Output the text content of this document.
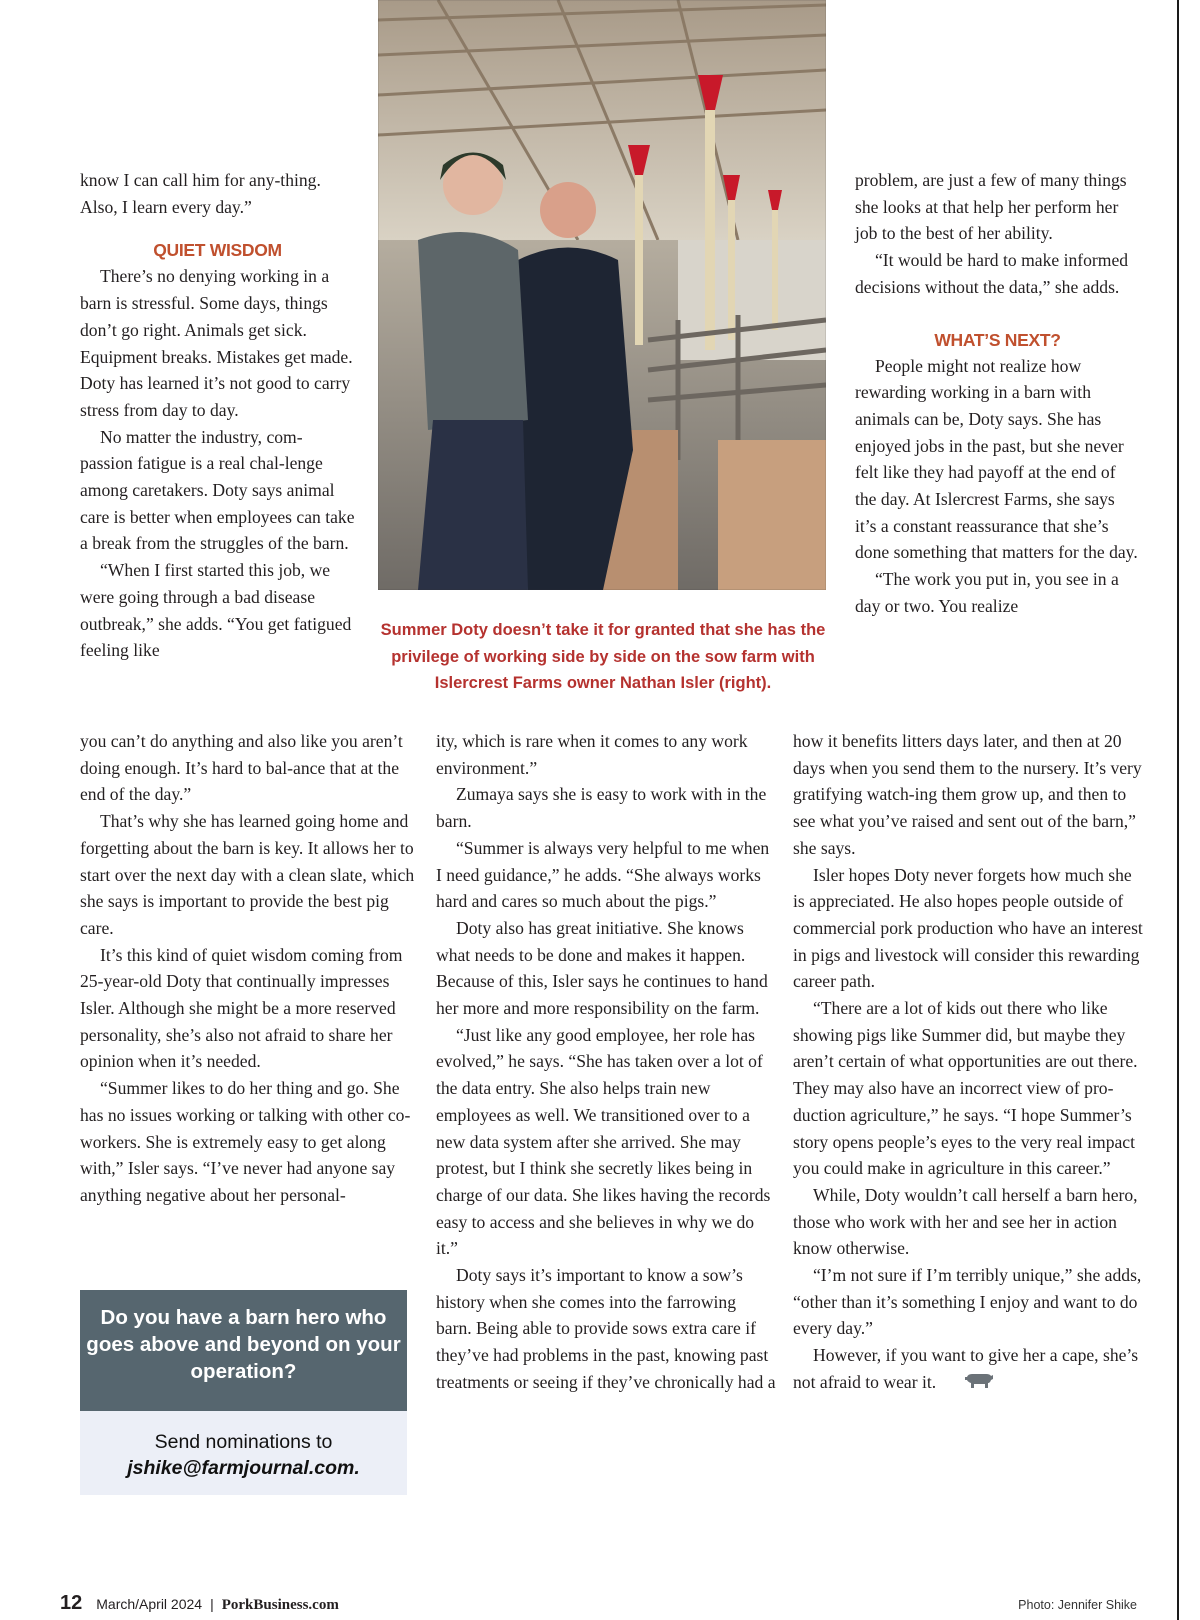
Summer Doty doesn’t take it for granted that she has the privilege of working side by side on the sow farm with Islercrest Farms owner Nathan Isler (right).

know I can call him for any-thing. Also, I learn every day.”

QUIET WISDOM

There’s no denying working in a barn is stressful. Some days, things don’t go right. Animals get sick. Equipment breaks. Mistakes get made. Doty has learned it’s not good to carry stress from day to day.

No matter the industry, com-passion fatigue is a real chal-lenge among caretakers. Doty says animal care is better when employees can take a break from the struggles of the barn.

“When I first started this job, we were going through a bad disease outbreak,” she adds. “You get fatigued feeling like

you can’t do anything and also like you aren’t doing enough. It’s hard to bal-ance that at the end of the day.”

That’s why she has learned going home and forgetting about the barn is key. It allows her to start over the next day with a clean slate, which she says is important to provide the best pig care.

It’s this kind of quiet wisdom coming from 25-year-old Doty that continually impresses Isler. Although she might be a more reserved personality, she’s also not afraid to share her opinion when it’s needed.

“Summer likes to do her thing and go. She has no issues working or talking with other co-workers. She is extremely easy to get along with,” Isler says. “I’ve never had anyone say anything negative about her personal-

Do you have a barn hero who goes above and beyond on your operation?
Send nominations to
jshike@farmjournal.com.

ity, which is rare when it comes to any work environment.”

Zumaya says she is easy to work with in the barn.

“Summer is always very helpful to me when I need guidance,” he adds. “She always works hard and cares so much about the pigs.”

Doty also has great initiative. She knows what needs to be done and makes it happen. Because of this, Isler says he continues to hand her more and more responsibility on the farm.

“Just like any good employee, her role has evolved,” he says. “She has taken over a lot of the data entry. She also helps train new employees as well. We transitioned over to a new data system after she arrived. She may protest, but I think she secretly likes being in charge of our data. She likes having the records easy to access and she believes in why we do it.”

Doty says it’s important to know a sow’s history when she comes into the farrowing barn. Being able to provide sows extra care if they’ve had problems in the past, knowing past treatments or seeing if they’ve chronically had a

problem, are just a few of many things she looks at that help her perform her job to the best of her ability.

“It would be hard to make informed decisions without the data,” she adds.

WHAT’S NEXT?

People might not realize how rewarding working in a barn with animals can be, Doty says. She has enjoyed jobs in the past, but she never felt like they had payoff at the end of the day. At Islercrest Farms, she says it’s a constant reassurance that she’s done something that matters for the day.

“The work you put in, you see in a day or two. You realize

how it benefits litters days later, and then at 20 days when you send them to the nursery. It’s very gratifying watch-ing them grow up, and then to see what you’ve raised and sent out of the barn,” she says.

Isler hopes Doty never forgets how much she is appreciated. He also hopes people outside of commercial pork production who have an interest in pigs and livestock will consider this rewarding career path.

“There are a lot of kids out there who like showing pigs like Summer did, but maybe they aren’t certain of what opportunities are out there. They may also have an incorrect view of pro-duction agriculture,” he says. “I hope Summer’s story opens people’s eyes to the very real impact you could make in agriculture in this career.”

While, Doty wouldn’t call herself a barn hero, those who work with her and see her in action know otherwise.

“I’m not sure if I’m terribly unique,” she adds, “other than it’s something I enjoy and want to do every day.”

However, if you want to give her a cape, she’s not afraid to wear it.

12 March/April 2024 | PorkBusiness.com	Photo: Jennifer Shike
